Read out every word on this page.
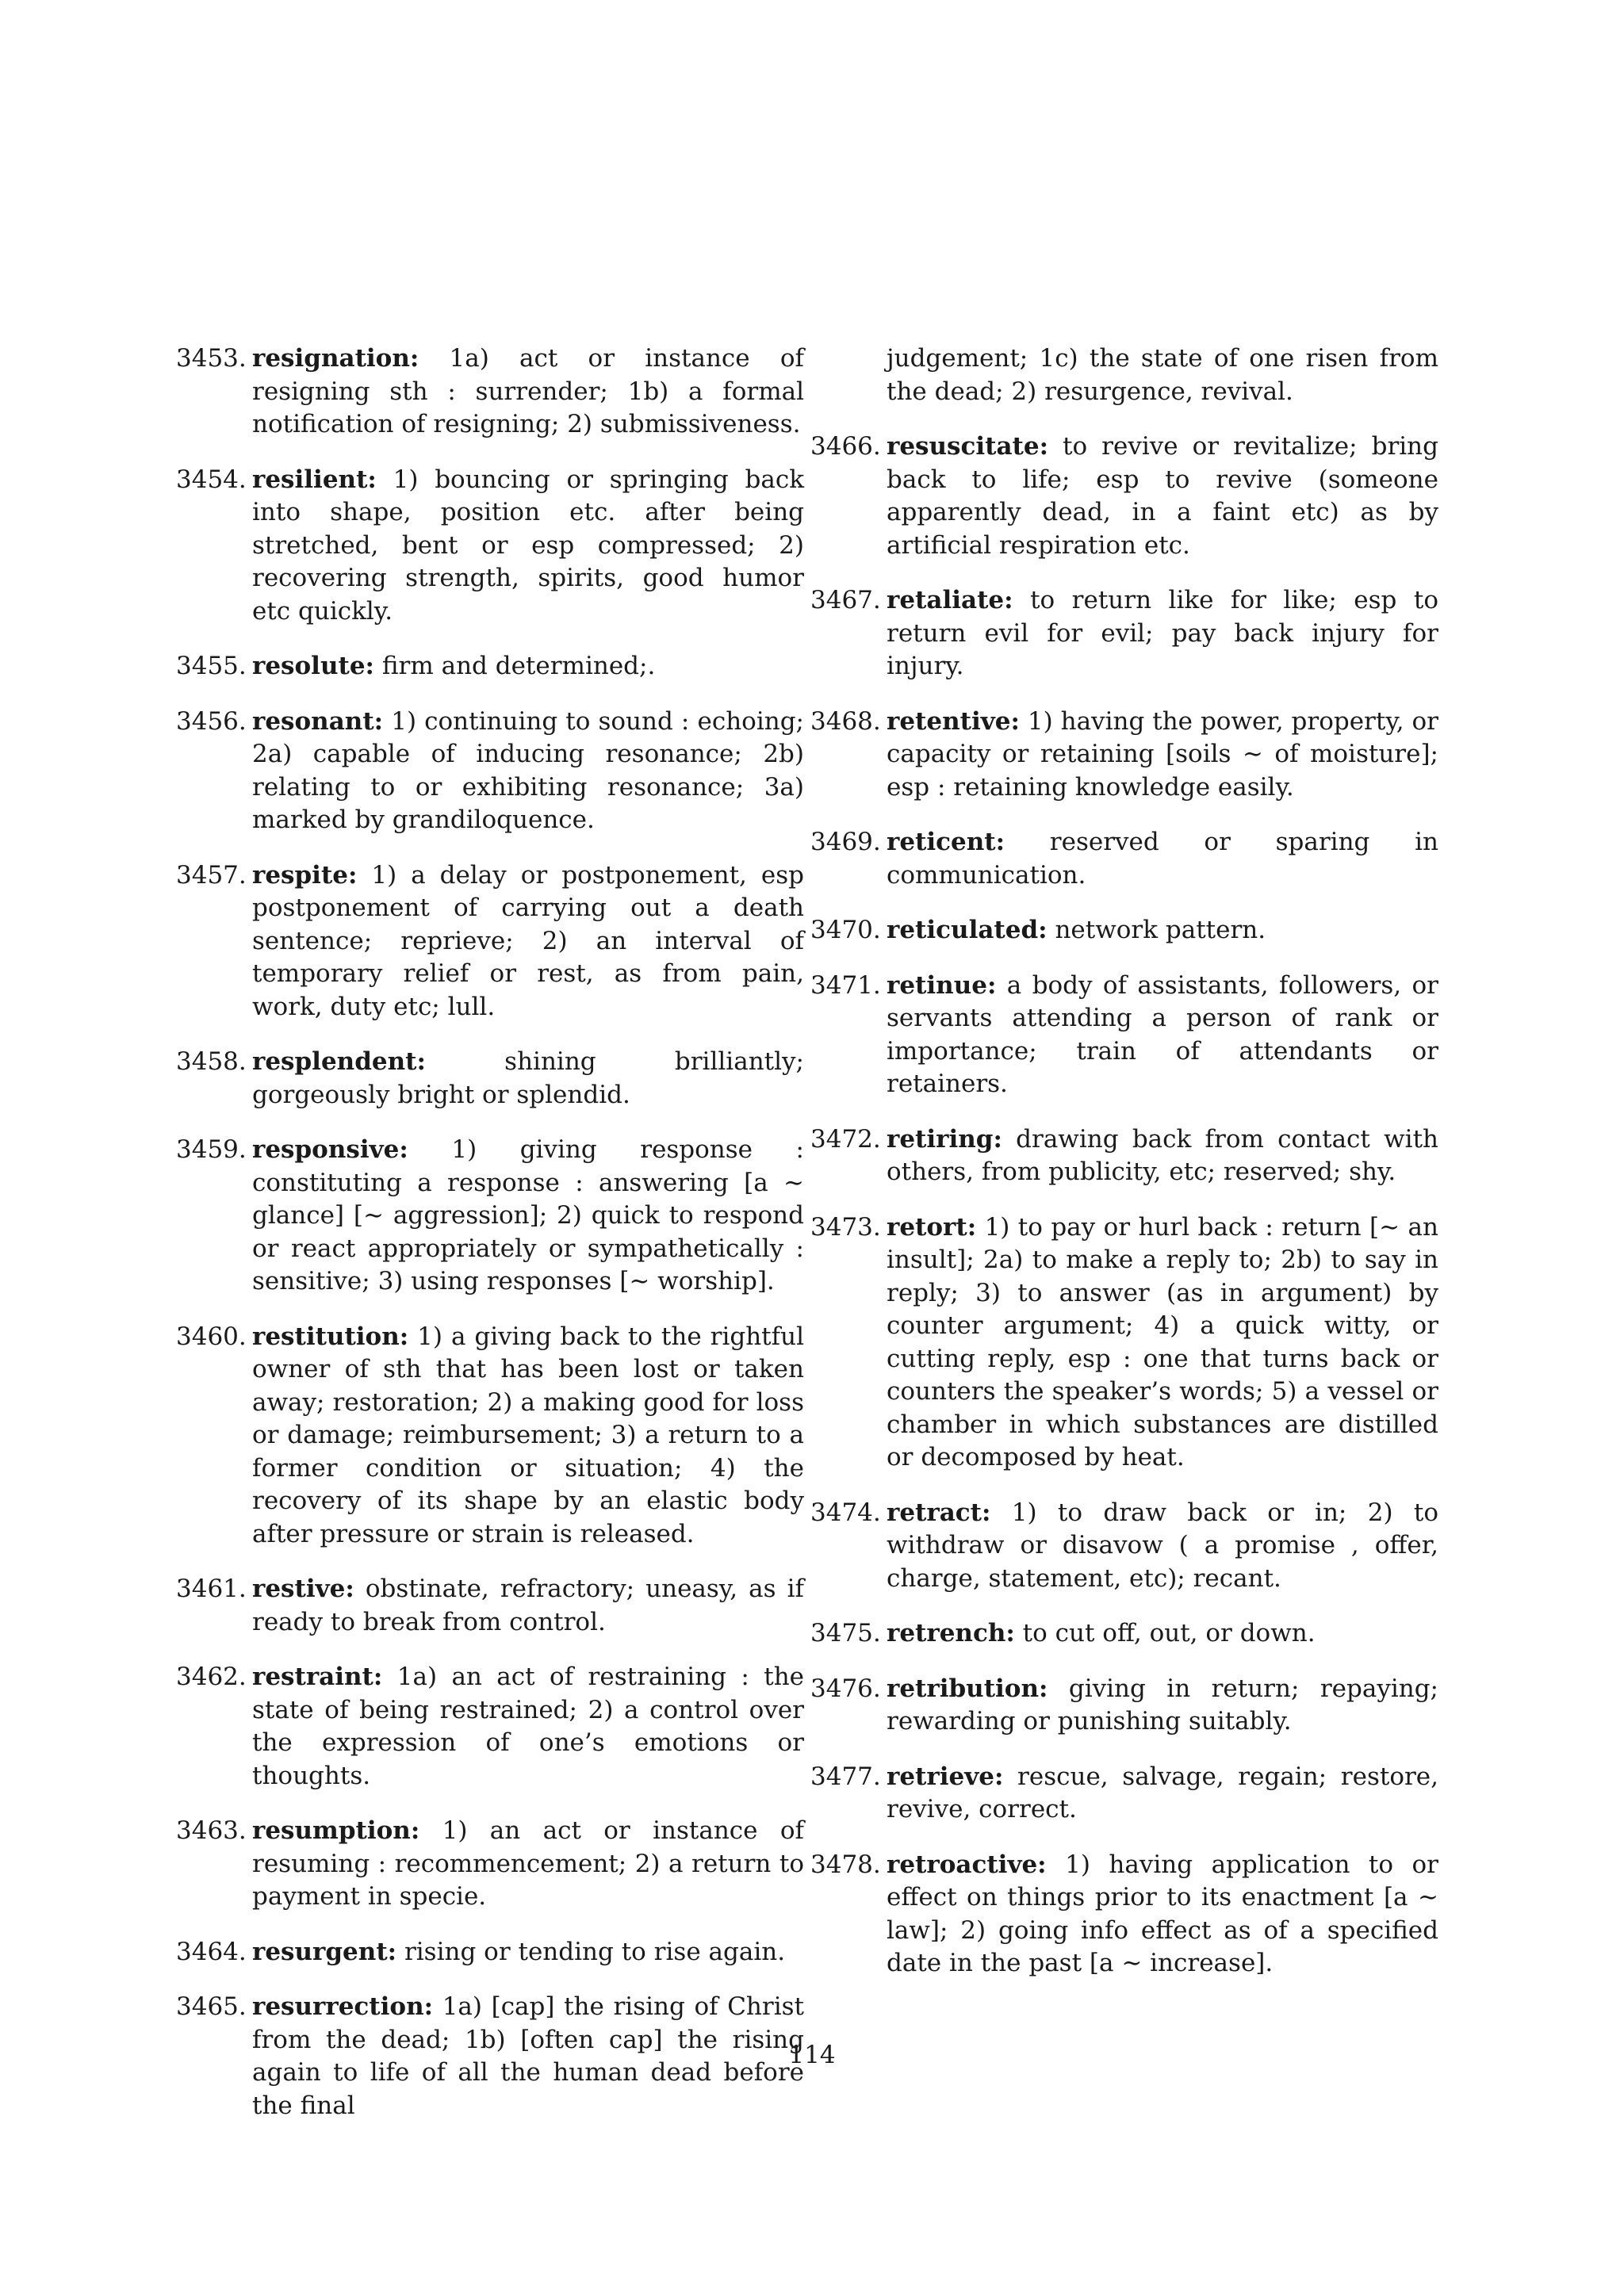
3453. resignation: 1a) act or instance of resigning sth : surrender; 1b) a formal notification of resigning; 2) submissiveness.
3454. resilient: 1) bouncing or springing back into shape, position etc. after being stretched, bent or esp compressed; 2) recovering strength, spirits, good humor etc quickly.
3455. resolute: firm and determined;.
3456. resonant: 1) continuing to sound : echoing; 2a) capable of inducing resonance; 2b) relating to or exhibiting resonance; 3a) marked by grandiloquence.
3457. respite: 1) a delay or postponement, esp postponement of carrying out a death sentence; reprieve; 2) an interval of temporary relief or rest, as from pain, work, duty etc; lull.
3458. resplendent: shining brilliantly; gorgeously bright or splendid.
3459. responsive: 1) giving response : constituting a response : answering [a ∼ glance] [∼ aggression]; 2) quick to respond or react appropriately or sympathetically : sensitive; 3) using responses [∼ worship].
3460. restitution: 1) a giving back to the rightful owner of sth that has been lost or taken away; restoration; 2) a making good for loss or damage; reimbursement; 3) a return to a former condition or situation; 4) the recovery of its shape by an elastic body after pressure or strain is released.
3461. restive: obstinate, refractory; uneasy, as if ready to break from control.
3462. restraint: 1a) an act of restraining : the state of being restrained; 2) a control over the expression of one’s emotions or thoughts.
3463. resumption: 1) an act or instance of resuming : recommencement; 2) a return to payment in specie.
3464. resurgent: rising or tending to rise again.
3465. resurrection: 1a) [cap] the rising of Christ from the dead; 1b) [often cap] the rising again to life of all the human dead before the final
judgement; 1c) the state of one risen from the dead; 2) resurgence, revival.
3466. resuscitate: to revive or revitalize; bring back to life; esp to revive (someone apparently dead, in a faint etc) as by artificial respiration etc.
3467. retaliate: to return like for like; esp to return evil for evil; pay back injury for injury.
3468. retentive: 1) having the power, property, or capacity or retaining [soils ∼ of moisture]; esp : retaining knowledge easily.
3469. reticent: reserved or sparing in communication.
3470. reticulated: network pattern.
3471. retinue: a body of assistants, followers, or servants attending a person of rank or importance; train of attendants or retainers.
3472. retiring: drawing back from contact with others, from publicity, etc; reserved; shy.
3473. retort: 1) to pay or hurl back : return [∼ an insult]; 2a) to make a reply to; 2b) to say in reply; 3) to answer (as in argument) by counter argument; 4) a quick witty, or cutting reply, esp : one that turns back or counters the speaker’s words; 5) a vessel or chamber in which substances are distilled or decomposed by heat.
3474. retract: 1) to draw back or in; 2) to withdraw or disavow ( a promise , offer, charge, statement, etc); recant.
3475. retrench: to cut off, out, or down.
3476. retribution: giving in return; repaying; rewarding or punishing suitably.
3477. retrieve: rescue, salvage, regain; restore, revive, correct.
3478. retroactive: 1) having application to or effect on things prior to its enactment [a ∼ law]; 2) going info effect as of a specified date in the past [a ∼ increase].
114
